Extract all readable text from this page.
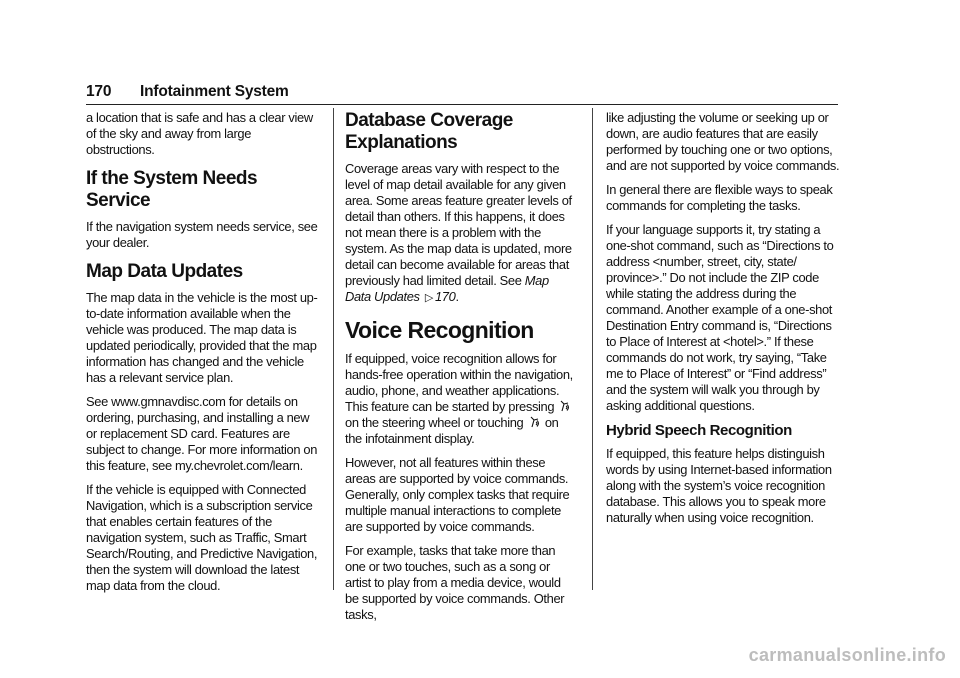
170 Infotainment System

a location that is safe and has a clear view of the sky and away from large obstructions.

If the System Needs Service

If the navigation system needs service, see your dealer.

Map Data Updates

The map data in the vehicle is the most up-to-date information available when the vehicle was produced. The map data is updated periodically, provided that the map information has changed and the vehicle has a relevant service plan.

See www.gmnavdisc.com for details on ordering, purchasing, and installing a new or replacement SD card. Features are subject to change. For more information on this feature, see my.chevrolet.com/learn.

If the vehicle is equipped with Connected Navigation, which is a subscription service that enables certain features of the navigation system, such as Traffic, Smart Search/Routing, and Predictive Navigation, then the system will download the latest map data from the cloud.

Database Coverage Explanations

Coverage areas vary with respect to the level of map detail available for any given area. Some areas feature greater levels of detail than others. If this happens, it does not mean there is a problem with the system. As the map data is updated, more detail can become available for areas that previously had limited detail. See Map Data Updates ▷ 170.

Voice Recognition

If equipped, voice recognition allows for hands-free operation within the navigation, audio, phone, and weather applications. This feature can be started by pressing  on the steering wheel or touching on the infotainment display.

However, not all features within these areas are supported by voice commands. Generally, only complex tasks that require multiple manual interactions to complete are supported by voice commands.

For example, tasks that take more than one or two touches, such as a song or artist to play from a media device, would be supported by voice commands. Other tasks,

like adjusting the volume or seeking up or down, are audio features that are easily performed by touching one or two options, and are not supported by voice commands.

In general there are flexible ways to speak commands for completing the tasks.

If your language supports it, try stating a one-shot command, such as “Directions to address <number, street, city, state/ province>.” Do not include the ZIP code while stating the address during the command. Another example of a one-shot Destination Entry command is, “Directions to Place of Interest at <hotel>.” If these commands do not work, try saying, “Take me to Place of Interest” or “Find address” and the system will walk you through by asking additional questions.

Hybrid Speech Recognition

If equipped, this feature helps distinguish words by using Internet-based information along with the system’s voice recognition database. This allows you to speak more naturally when using voice recognition.

carmanualsonline.info
